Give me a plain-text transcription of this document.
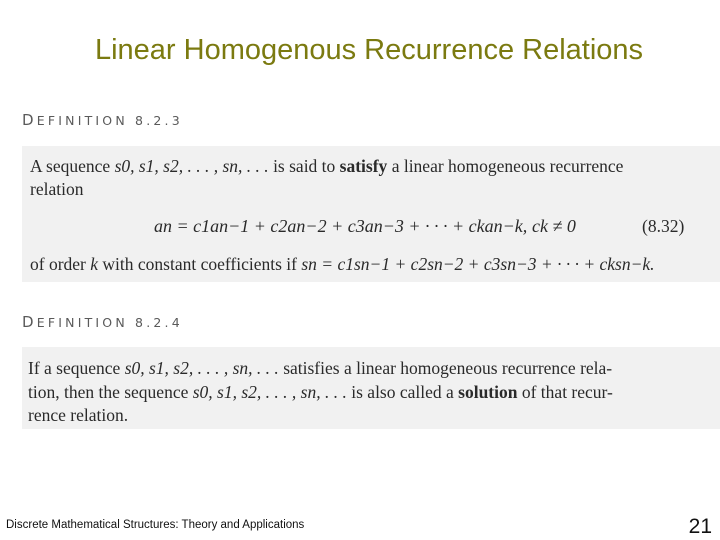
Linear Homogenous Recurrence Relations
DEFINITION 8.2.3
A sequence s0, s1, s2, . . . , sn, . . . is said to satisfy a linear homogeneous recurrence
relation
an = c1an−1 + c2an−2 + c3an−3 + · · · + ckan−k, ck ≠ 0	(8.32)
of order k with constant coefficients if sn = c1sn−1 + c2sn−2 + c3sn−3 + · · · + cksn−k.
DEFINITION 8.2.4
If a sequence s0, s1, s2, . . . , sn, . . . satisfies a linear homogeneous recurrence rela-
tion, then the sequence s0, s1, s2, . . . , sn, . . . is also called a solution of that recur-
rence relation.
Discrete Mathematical Structures: Theory and Applications	21
